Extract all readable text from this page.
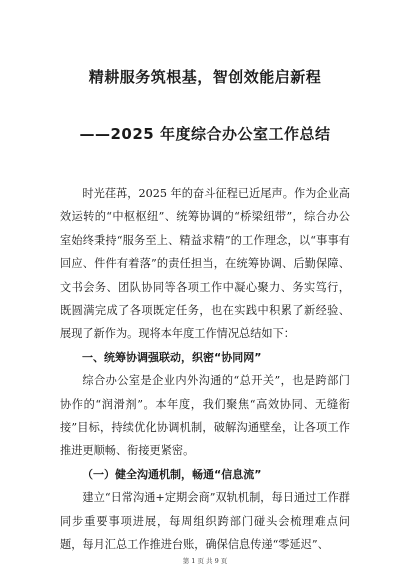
精耕服务筑根基，智创效能启新程
——2025 年度综合办公室工作总结

时光荏苒，2025 年的奋斗征程已近尾声。作为企业高效运转的“中枢枢纽”、统筹协调的“桥梁纽带”，综合办公室始终秉持“服务至上、精益求精”的工作理念，以“事事有回应、件件有着落”的责任担当，在统筹协调、后勤保障、文书会务、团队协同等各项工作中凝心聚力、务实笃行，既圆满完成了各项既定任务，也在实践中积累了新经验、展现了新作为。现将本年度工作情况总结如下：

一、统筹协调强联动，织密“协同网”

综合办公室是企业内外沟通的“总开关”，也是跨部门协作的“润滑剂”。本年度，我们聚焦“高效协同、无缝衔接”目标，持续优化协调机制，破解沟通壁垒，让各项工作推进更顺畅、衔接更紧密。

（一）健全沟通机制，畅通“信息流”

建立“日常沟通+定期会商”双轨机制，每日通过工作群同步重要事项进展，每周组织跨部门碰头会梳理难点问题，每月汇总工作推进台账，确保信息传递“零延迟”、

第 1 页 共 9 页
